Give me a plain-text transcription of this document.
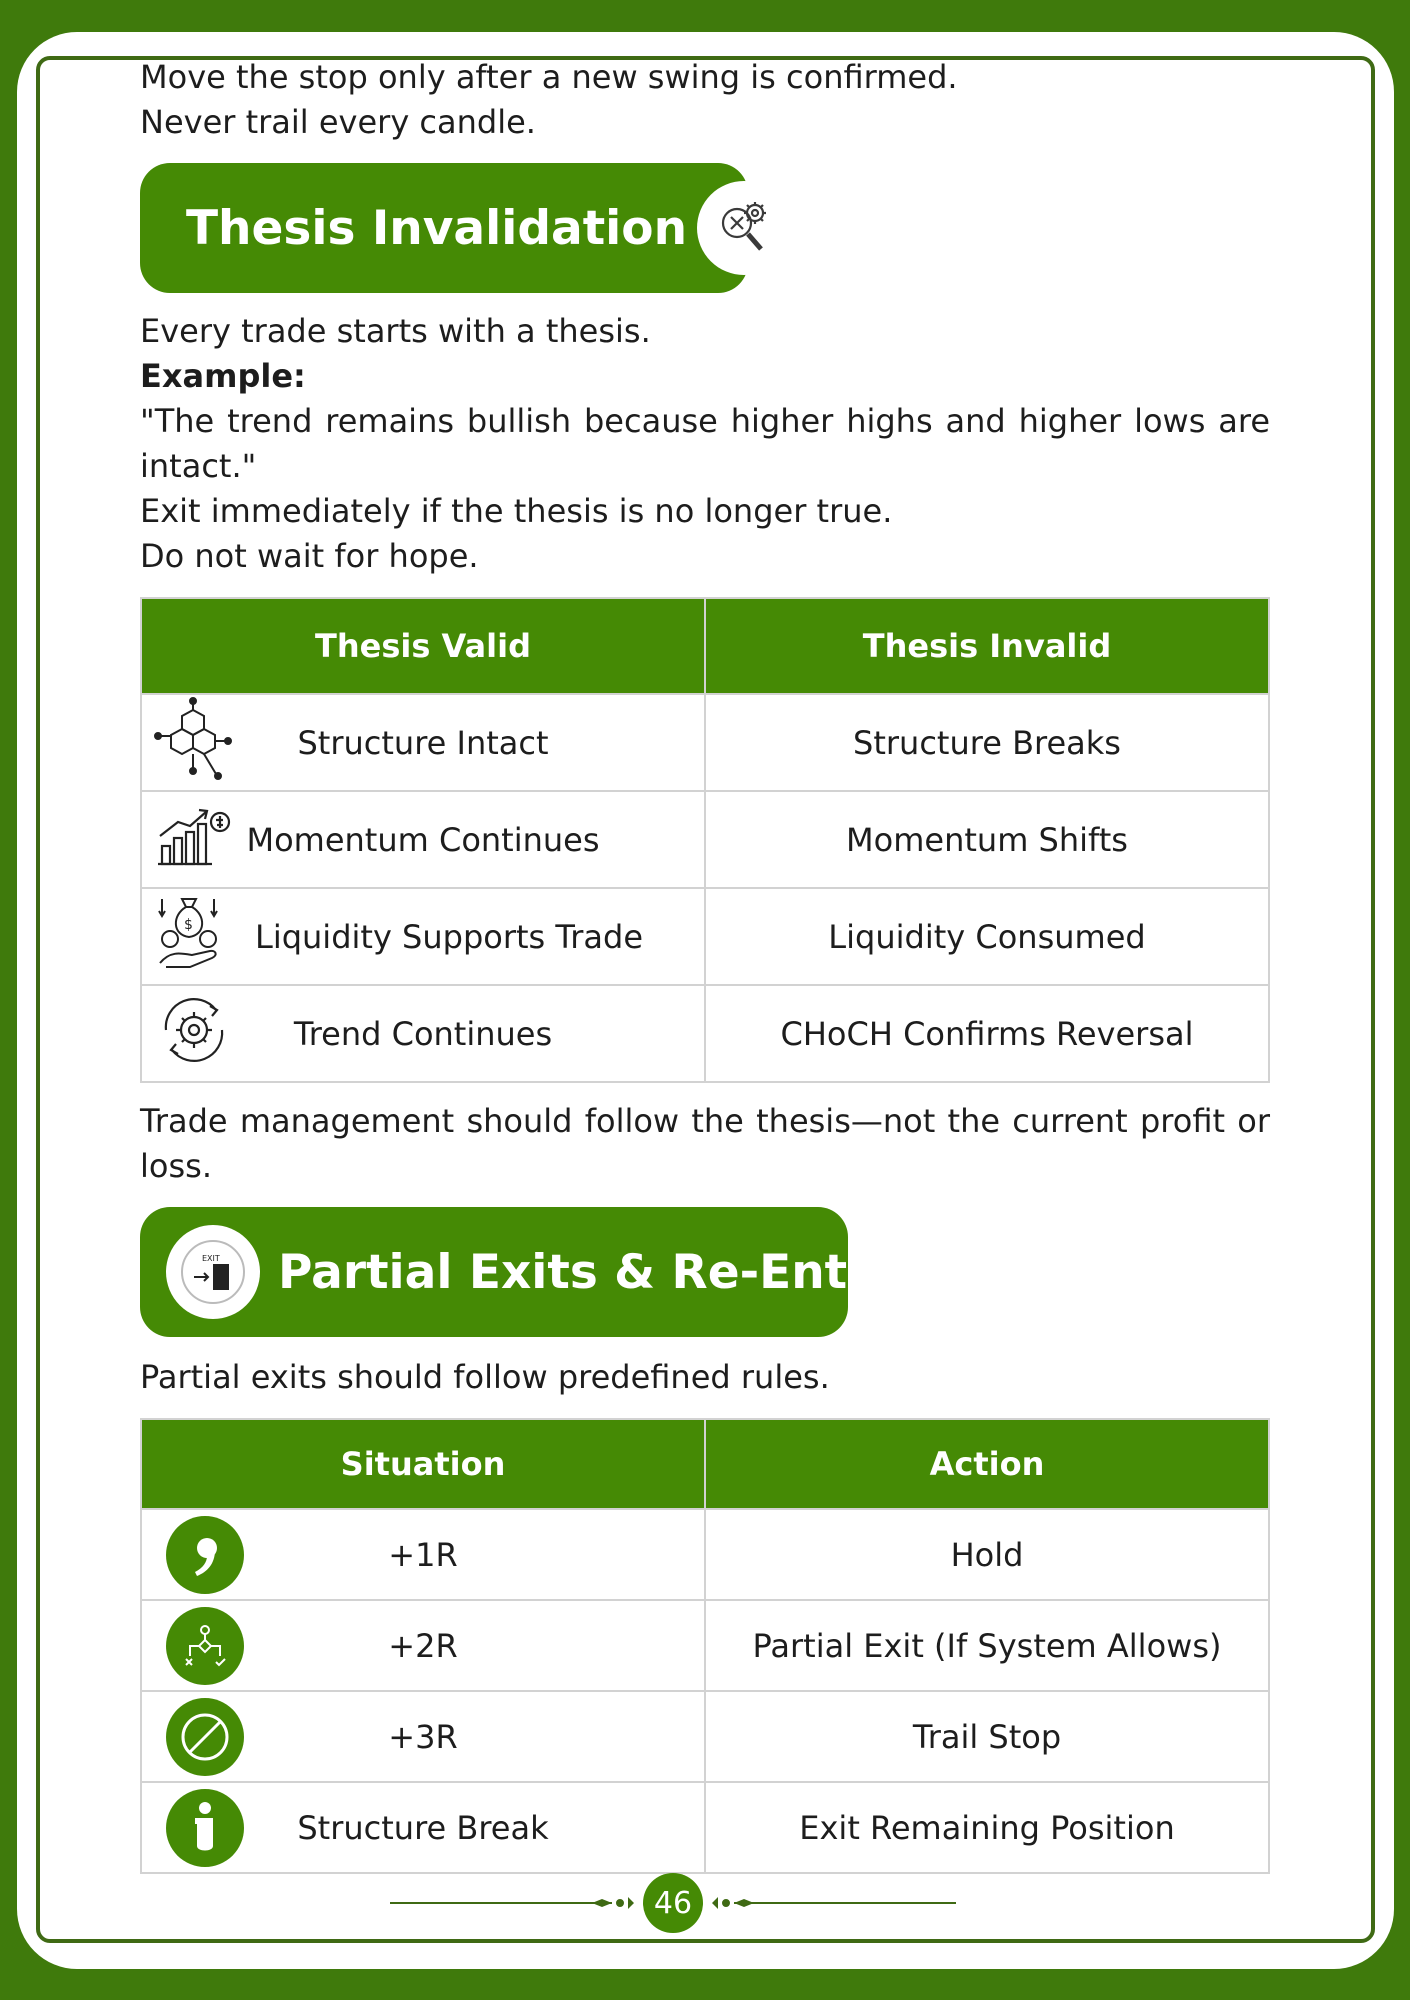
Move the stop only after a new swing is confirmed.

Never trail every candle.

Thesis Invalidation

Every trade starts with a thesis.

Example:

"The trend remains bullish because higher highs and higher lows are intact."

Exit immediately if the thesis is no longer true.

Do not wait for hope.

Thesis Valid	Thesis Invalid

Structure Intact	Structure Breaks

Momentum Continues	Momentum Shifts

$ Liquidity Supports Trade	Liquidity Consumed

Trend Continues	CHoCH Confirms Reversal

Trade management should follow the thesis—not the current profit or loss.

EXIT Partial Exits & Re-Entry

Partial exits should follow predefined rules.

Situation	Action

+1R	Hold

+2R	Partial Exit (If System Allows)

+3R	Trail Stop

Structure Break	Exit Remaining Position
46
